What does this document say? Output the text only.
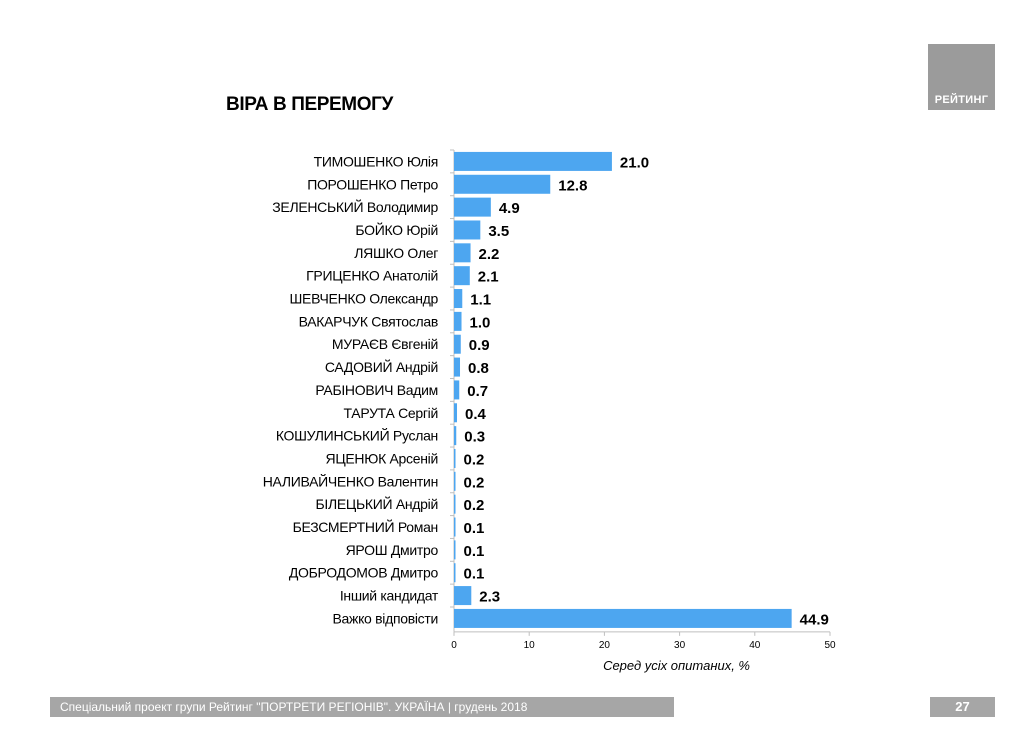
РЕЙТИНГ
ВІРА В ПЕРЕМОГУ
ТИМОШЕНКО Юлія	21.0
ПОРОШЕНКО Петро	12.8
ЗЕЛЕНСЬКИЙ Володимир	4.9
БОЙКО Юрій	3.5
ЛЯШКО Олег	2.2
ГРИЦЕНКО Анатолій	2.1
ШЕВЧЕНКО Олександр 1.1
ВАКАРЧУК Святослав 1.0
МУРАЄВ Євгеній 0.9
САДОВИЙ Андрій 0.8
РАБІНОВИЧ Вадим 0.7
ТАРУТА Сергій 0.4
КОШУЛИНСЬКИЙ Руслан 0.3
ЯЦЕНЮК Арсеній 0.2
НАЛИВАЙЧЕНКО Валентин 0.2
БІЛЕЦЬКИЙ Андрій 0.2
БЕЗСМЕРТНИЙ Роман 0.1
ЯРОШ Дмитро 0.1
ДОБРОДОМОВ Дмитро 0.1
Інший кандидат	2.3
Важко відповісти	44.9
0	10	20	30	40	50
Серед усіх опитаних, %
Спеціальний проект групи Рейтинг "ПОРТРЕТИ РЕГІОНІВ". УКРАЇНА | грудень 2018	27
